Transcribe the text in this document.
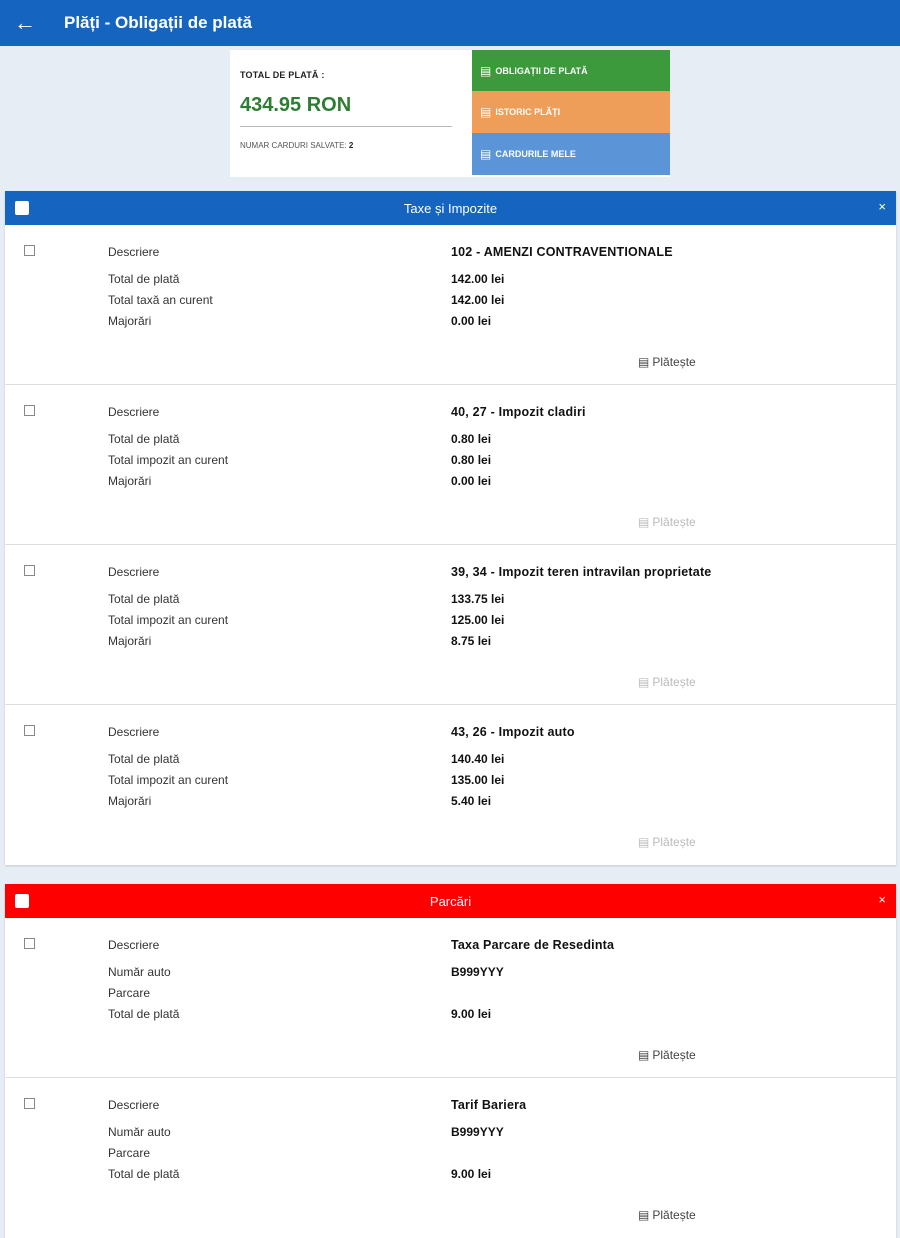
←	Plăți - Obligații de plată
TOTAL DE PLATĂ :
434.95 RON
NUMAR CARDURI SALVATE: 2
▤ OBLIGAȚII DE PLATĂ
▤ ISTORIC PLĂȚI
▤ CARDURILE MELE
Taxe și Impozite	×
Descriere	102 - AMENZI CONTRAVENTIONALE
Total de plată	142.00 lei
Total taxă an curent	142.00 lei
Majorări	0.00 lei
▤ Plătește
Descriere	40, 27 - Impozit cladiri
Total de plată	0.80 lei
Total impozit an curent	0.80 lei
Majorări	0.00 lei
▤ Plătește
Descriere	39, 34 - Impozit teren intravilan proprietate
Total de plată	133.75 lei
Total impozit an curent	125.00 lei
Majorări	8.75 lei
▤ Plătește
Descriere	43, 26 - Impozit auto
Total de plată	140.40 lei
Total impozit an curent	135.00 lei
Majorări	5.40 lei
▤ Plătește
Parcări	×
Descriere	Taxa Parcare de Resedinta
Număr auto	B999YYY
Parcare
Total de plată	9.00 lei
▤ Plătește
Descriere	Tarif Bariera
Număr auto	B999YYY
Parcare
Total de plată	9.00 lei
▤ Plătește
